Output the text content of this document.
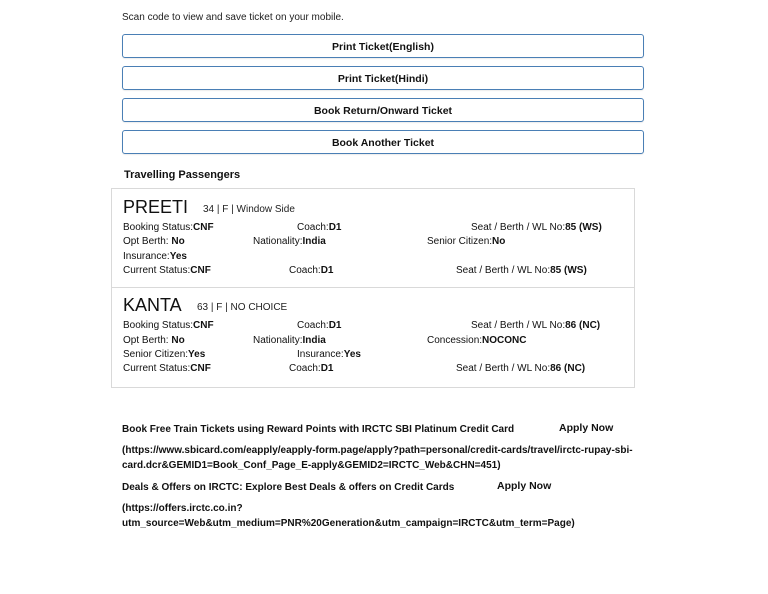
Scan code to view and save ticket on your mobile.
Print Ticket(English)
Print Ticket(Hindi)
Book Return/Onward Ticket
Book Another Ticket
Travelling Passengers
PREETI 34 | F | Window Side
Booking Status:CNF	Coach:D1	Seat / Berth / WL No:85 (WS)
Opt Berth: No	Nationality:India	Senior Citizen:No
Insurance:Yes
Current Status:CNF	Coach:D1	Seat / Berth / WL No:85 (WS)
KANTA 63 | F | NO CHOICE
Booking Status:CNF	Coach:D1	Seat / Berth / WL No:86 (NC)
Opt Berth: No	Nationality:India	Concession:NOCONC
Senior Citizen:Yes	Insurance:Yes
Current Status:CNF	Coach:D1	Seat / Berth / WL No:86 (NC)
Book Free Train Tickets using Reward Points with IRCTC SBI Platinum Credit Card	Apply Now
(https://www.sbicard.com/eapply/eapply-form.page/apply?path=personal/credit-cards/travel/irctc-rupay-sbi-card.dcr&GEMID1=Book_Conf_Page_E-apply&GEMID2=IRCTC_Web&CHN=451)
Deals & Offers on IRCTC: Explore Best Deals & offers on Credit Cards	Apply Now
(https://offers.irctc.co.in?utm_source=Web&utm_medium=PNR%20Generation&utm_campaign=IRCTC&utm_term=Page)
